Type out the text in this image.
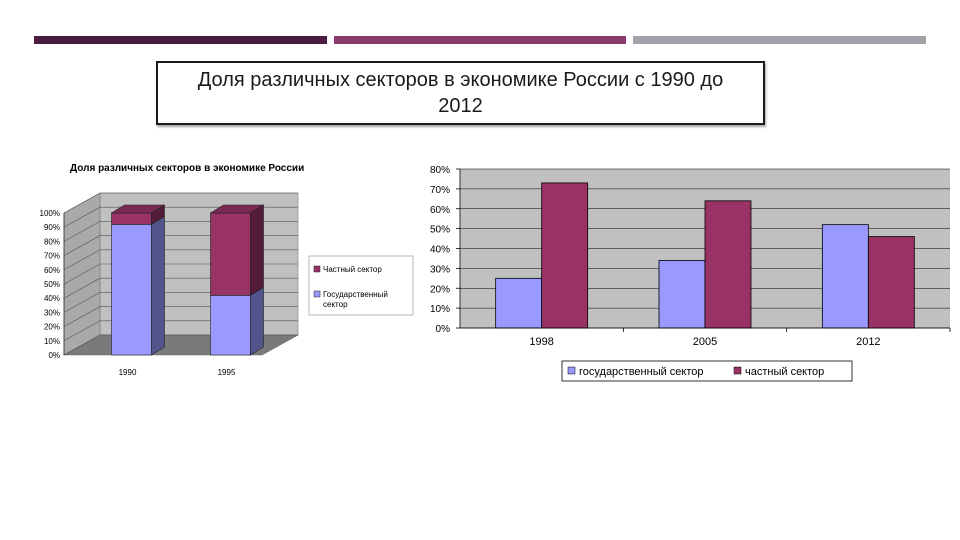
Доля различных секторов в экономике России с 1990 до 2012
Доля различных секторов в экономике России
0%
10%
20%
30%
40%
50%
60%
70%
80%
90%
100%
1990	1995
Частный сектор
Государственный
сектор
0%
10%
20%
30%
40%
50%
60%
70%
80%
1998	2005	2012
государственный сектор	частный сектор
